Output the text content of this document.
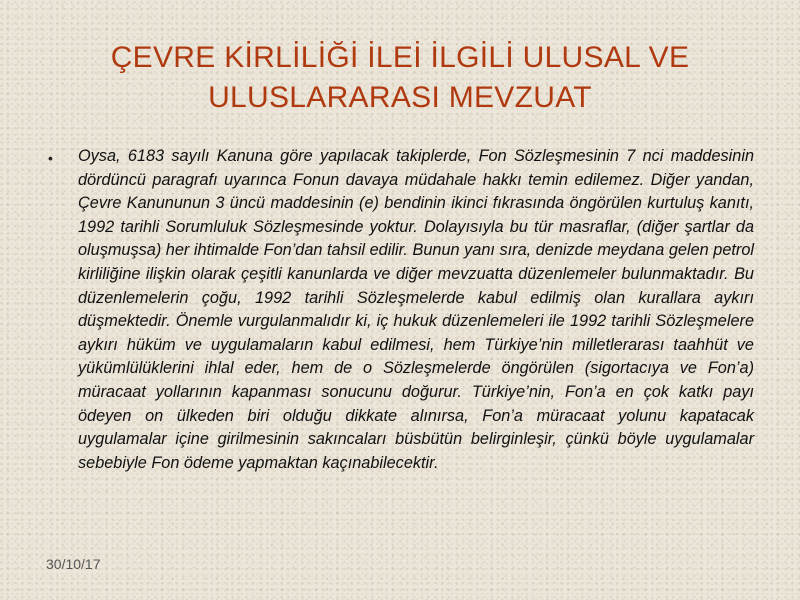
ÇEVRE KİRLİLİĞİ İLEİ İLGİLİ ULUSAL VE ULUSLARARASI MEVZUAT
•	Oysa, 6183 sayılı Kanuna göre yapılacak takiplerde, Fon Sözleşmesinin 7 nci maddesinin dördüncü paragrafı uyarınca Fonun davaya müdahale hakkı temin edilemez. Diğer yandan, Çevre Kanununun 3 üncü maddesinin (e) bendinin ikinci fıkrasında öngörülen kurtuluş kanıtı, 1992 tarihli Sorumluluk Sözleşmesinde yoktur. Dolayısıyla bu tür masraflar, (diğer şartlar da oluşmuşsa) her ihtimalde Fon’dan tahsil edilir. Bunun yanı sıra, denizde meydana gelen petrol kirliliğine ilişkin olarak çeşitli kanunlarda ve diğer mevzuatta düzenlemeler bulunmaktadır. Bu düzenlemelerin çoğu, 1992 tarihli Sözleşmelerde kabul edilmiş olan kurallara aykırı düşmektedir. Önemle vurgulanmalıdır ki, iç hukuk düzenlemeleri ile 1992 tarihli Sözleşmelere aykırı hüküm ve uygulamaların kabul edilmesi, hem Türkiye’nin milletlerarası taahhüt ve yükümlülüklerini ihlal eder, hem de o Sözleşmelerde öngörülen (sigortacıya ve Fon’a) müracaat yollarının kapanması sonucunu doğurur. Türkiye’nin, Fon’a en çok katkı payı ödeyen on ülkeden biri olduğu dikkate alınırsa, Fon’a müracaat yolunu kapatacak uygulamalar içine girilmesinin sakıncaları büsbütün belirginleşir, çünkü böyle uygulamalar sebebiyle Fon ödeme yapmaktan kaçınabilecektir.

30/10/17
